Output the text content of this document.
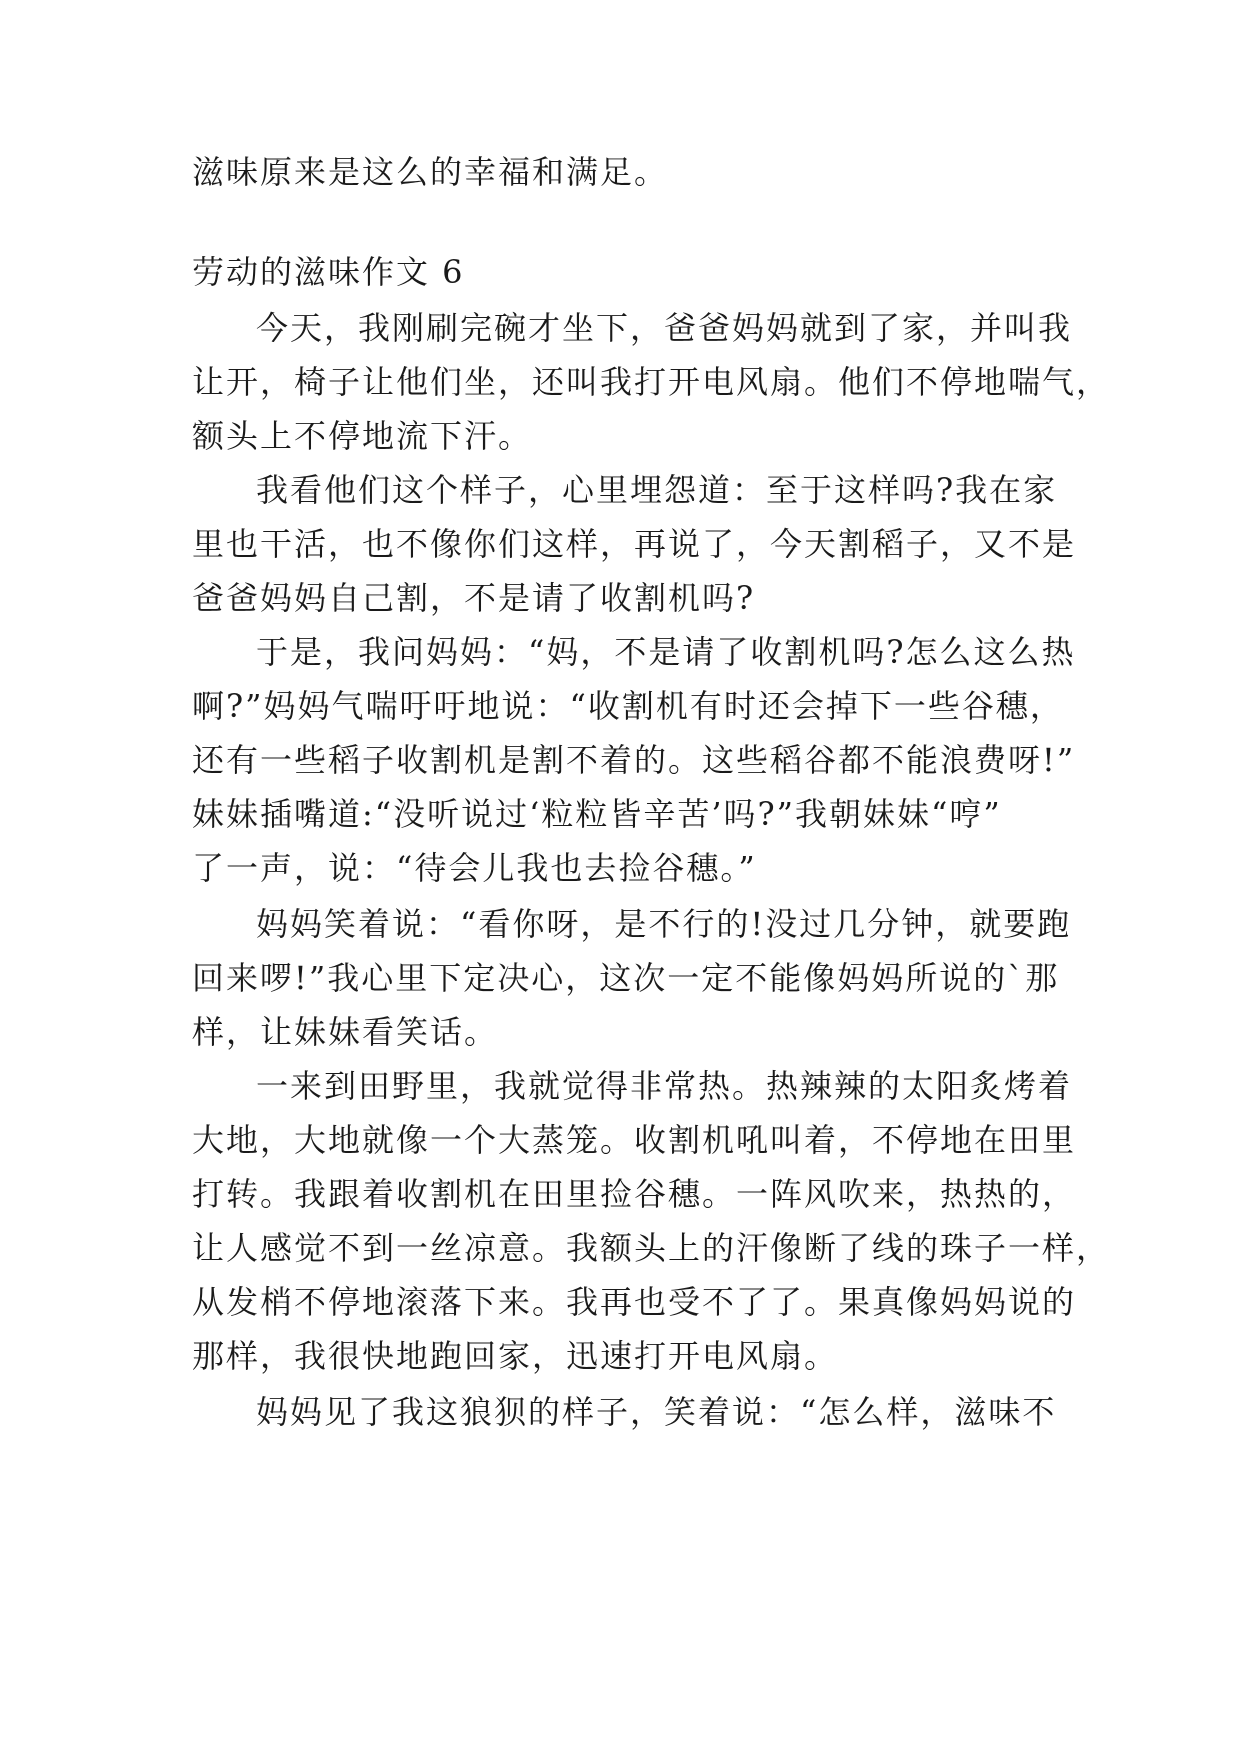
滋味原来是这么的幸福和满足。
劳动的滋味作文 6
今天，我刚刷完碗才坐下，爸爸妈妈就到了家，并叫我
让开，椅子让他们坐，还叫我打开电风扇。他们不停地喘气，
额头上不停地流下汗。
我看他们这个样子，心里埋怨道：至于这样吗?我在家
里也干活，也不像你们这样，再说了，今天割稻子，又不是
爸爸妈妈自己割，不是请了收割机吗?
于是，我问妈妈：“妈，不是请了收割机吗?怎么这么热
啊?”妈妈气喘吁吁地说：“收割机有时还会掉下一些谷穗，
还有一些稻子收割机是割不着的。这些稻谷都不能浪费呀!”
妹妹插嘴道:“没听说过‘粒粒皆辛苦’吗?”我朝妹妹“哼”
了一声，说：“待会儿我也去捡谷穗。”
妈妈笑着说：“看你呀，是不行的!没过几分钟，就要跑
回来啰!”我心里下定决心，这次一定不能像妈妈所说的`那
样，让妹妹看笑话。
一来到田野里，我就觉得非常热。热辣辣的太阳炙烤着
大地，大地就像一个大蒸笼。收割机吼叫着，不停地在田里
打转。我跟着收割机在田里捡谷穗。一阵风吹来，热热的，
让人感觉不到一丝凉意。我额头上的汗像断了线的珠子一样，
从发梢不停地滚落下来。我再也受不了了。果真像妈妈说的
那样，我很快地跑回家，迅速打开电风扇。
妈妈见了我这狼狈的样子，笑着说：“怎么样，滋味不
